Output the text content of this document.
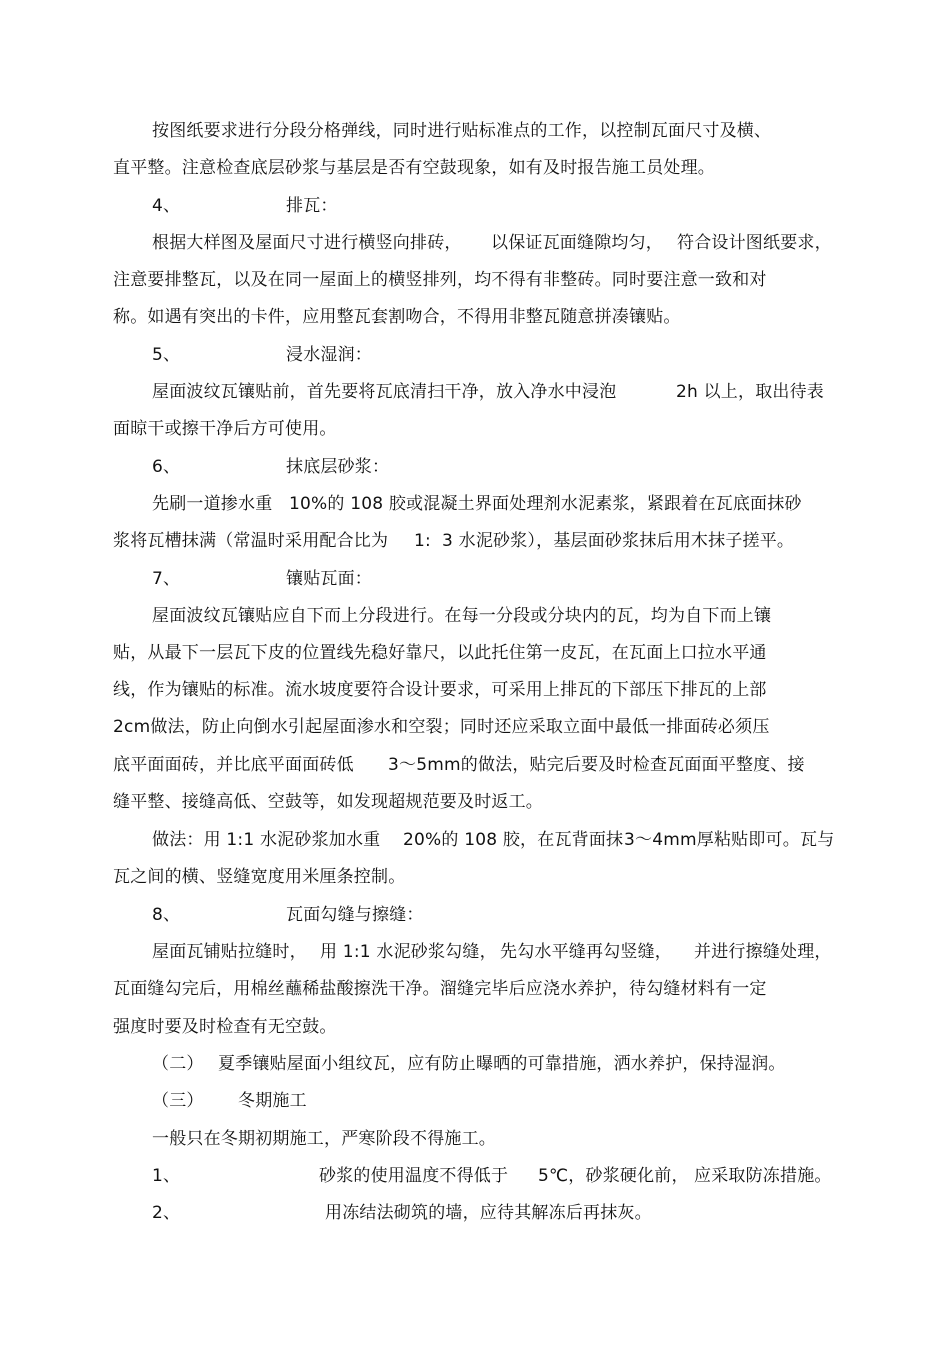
按图纸要求进行分段分格弹线，同时进行贴标准点的工作，以控制瓦面尺寸及横、

直平整。注意检查底层砂浆与基层是否有空鼓现象，如有及时报告施工员处理。

4、

	排瓦：

根据大样图及屋面尺寸进行横竖向排砖，

以保证瓦面缝隙均匀，

符合设计图纸要求，

注意要排整瓦，以及在同一屋面上的横竖排列，均不得有非整砖。同时要注意一致和对

称。如遇有突出的卡件，应用整瓦套割吻合，不得用非整瓦随意拼凑镶贴。

5、

	浸水湿润：

屋面波纹瓦镶贴前，首先要将瓦底清扫干净，放入净水中浸泡

	2h 以上，取出待表

面晾干或擦干净后方可使用。

6、

	抹底层砂浆：

先刷一道掺水重

10%的 108 胶或混凝土界面处理剂水泥素浆，紧跟着在瓦底面抹砂

浆将瓦槽抹满（常温时采用配合比为

1:

3 水泥砂浆），基层面砂浆抹后用木抹子搓平。

7、

	镶贴瓦面：

屋面波纹瓦镶贴应自下而上分段进行。在每一分段或分块内的瓦，均为自下而上镶

贴，从最下一层瓦下皮的位置线先稳好靠尺，以此托住第一皮瓦，在瓦面上口拉水平通

线，作为镶贴的标准。流水坡度要符合设计要求，可采用上排瓦的下部压下排瓦的上部

2cm做法，防止向倒水引起屋面渗水和空裂；同时还应采取立面中最低一排面砖必须压

底平面面砖，并比底平面面砖低

3～5mm的做法，贴完后要及时检查瓦面面平整度、接

缝平整、接缝高低、空鼓等，如发现超规范要及时返工。

做法：用 1:1 水泥砂浆加水重

20%的 108 胶，在瓦背面抹

3～4mm厚粘贴即可。

瓦与

瓦之间的横、竖缝宽度用米厘条控制。

8、

	瓦面勾缝与擦缝：

屋面瓦铺贴拉缝时，

用 1:1 水泥砂浆勾缝，

先勾水平缝再勾竖缝，

并进行擦缝处理，

瓦面缝勾完后，用棉丝蘸稀盐酸擦洗干净。溜缝完毕后应浇水养护，待勾缝材料有一定

强度时要及时检查有无空鼓。

（二）

夏季镶贴屋面小组纹瓦，应有防止曝晒的可靠措施，洒水养护，保持湿润。

（三）

冬期施工

一般只在冬期初期施工，严寒阶段不得施工。

1、

	砂浆的使用温度不得低于

5℃，砂浆硬化前，

应采取防冻措施。

2、

	用冻结法砌筑的墙，应待其解冻后再抹灰。
